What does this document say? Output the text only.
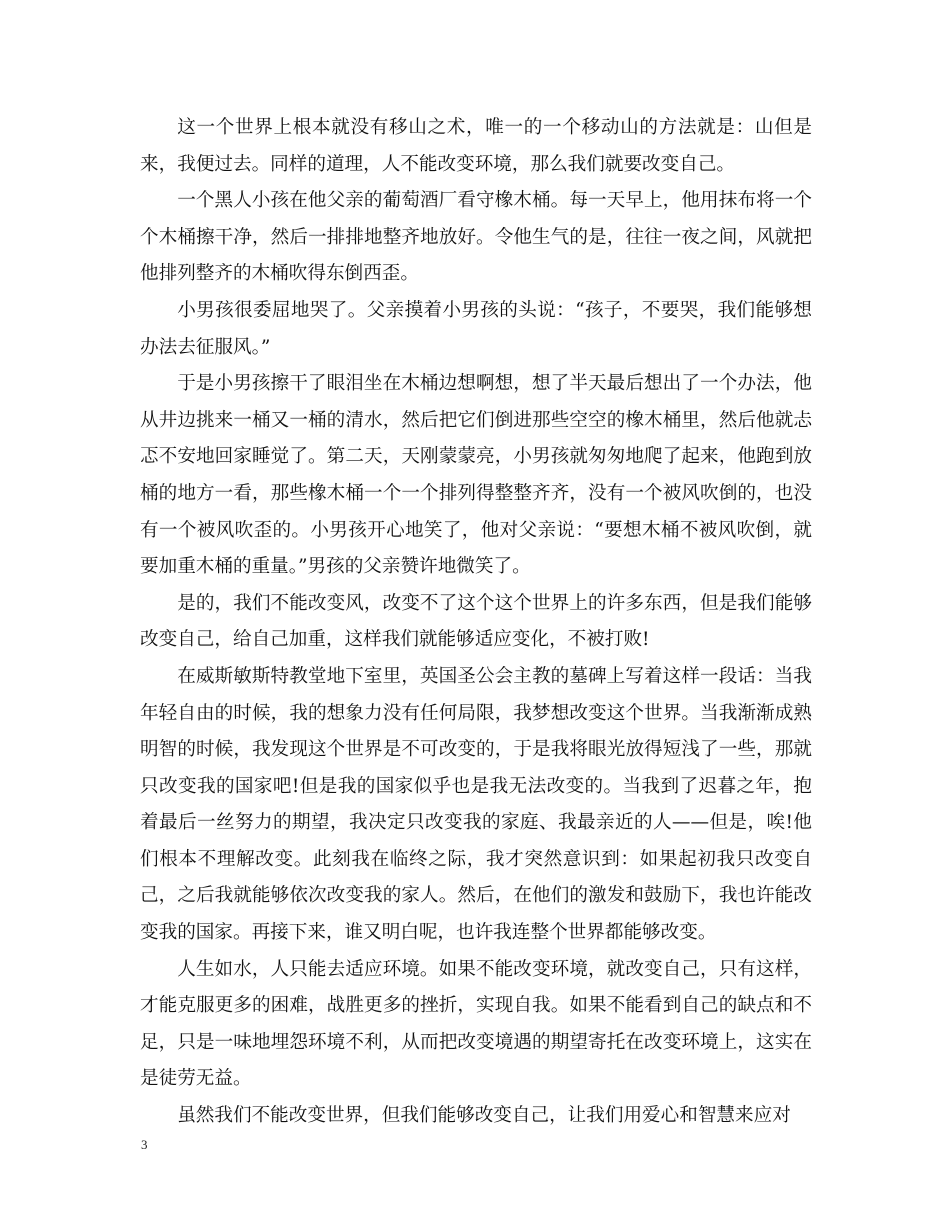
这一个世界上根本就没有移山之术，唯一的一个移动山的方法就是：山但是来，我便过去。同样的道理，人不能改变环境，那么我们就要改变自己。

一个黑人小孩在他父亲的葡萄酒厂看守橡木桶。每一天早上，他用抹布将一个个木桶擦干净，然后一排排地整齐地放好。令他生气的是，往往一夜之间，风就把他排列整齐的木桶吹得东倒西歪。

小男孩很委屈地哭了。父亲摸着小男孩的头说：“孩子，不要哭，我们能够想办法去征服风。”

于是小男孩擦干了眼泪坐在木桶边想啊想，想了半天最后想出了一个办法，他从井边挑来一桶又一桶的清水，然后把它们倒进那些空空的橡木桶里，然后他就忐忑不安地回家睡觉了。第二天，天刚蒙蒙亮，小男孩就匆匆地爬了起来，他跑到放桶的地方一看，那些橡木桶一个一个排列得整整齐齐，没有一个被风吹倒的，也没有一个被风吹歪的。小男孩开心地笑了，他对父亲说：“要想木桶不被风吹倒，就要加重木桶的重量。”男孩的父亲赞许地微笑了。

是的，我们不能改变风，改变不了这个这个世界上的许多东西，但是我们能够改变自己，给自己加重，这样我们就能够适应变化，不被打败!

在威斯敏斯特教堂地下室里，英国圣公会主教的墓碑上写着这样一段话：当我年轻自由的时候，我的想象力没有任何局限，我梦想改变这个世界。当我渐渐成熟明智的时候，我发现这个世界是不可改变的，于是我将眼光放得短浅了一些，那就只改变我的国家吧!但是我的国家似乎也是我无法改变的。当我到了迟暮之年，抱着最后一丝努力的期望，我决定只改变我的家庭、我最亲近的人——但是，唉!他们根本不理解改变。此刻我在临终之际，我才突然意识到：如果起初我只改变自己，之后我就能够依次改变我的家人。然后，在他们的激发和鼓励下，我也许能改变我的国家。再接下来，谁又明白呢，也许我连整个世界都能够改变。

人生如水，人只能去适应环境。如果不能改变环境，就改变自己，只有这样，才能克服更多的困难，战胜更多的挫折，实现自我。如果不能看到自己的缺点和不足，只是一味地埋怨环境不利，从而把改变境遇的期望寄托在改变环境上，这实在是徒劳无益。

虽然我们不能改变世界，但我们能够改变自己，让我们用爱心和智慧来应对

3
